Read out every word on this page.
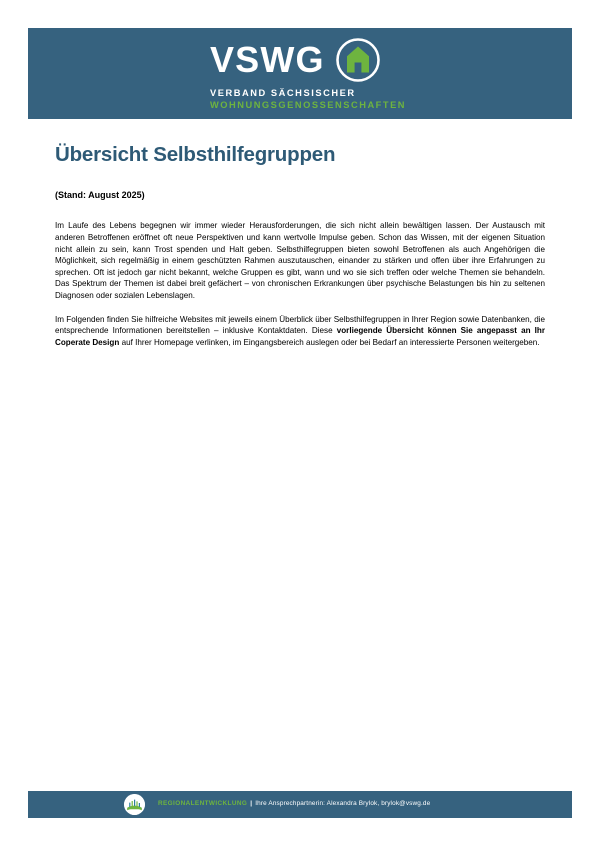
VSWG
VERBAND SÄCHSISCHER
WOHNUNGSGENOSSENSCHAFTEN
Übersicht Selbsthilfegruppen

(Stand: August 2025)

Im Laufe des Lebens begegnen wir immer wieder Herausforderungen, die sich nicht allein bewältigen lassen. Der Austausch mit anderen Betroffenen eröffnet oft neue Perspektiven und kann wertvolle Impulse geben. Schon das Wissen, mit der eigenen Situation nicht allein zu sein, kann Trost spenden und Halt geben. Selbsthilfegruppen bieten sowohl Betroffenen als auch Angehörigen die Möglichkeit, sich regelmäßig in einem geschützten Rahmen auszutauschen, einander zu stärken und offen über ihre Erfahrungen zu sprechen. Oft ist jedoch gar nicht bekannt, welche Gruppen es gibt, wann und wo sie sich treffen oder welche Themen sie behandeln. Das Spektrum der Themen ist dabei breit gefächert – von chronischen Erkrankungen über psychische Belastungen bis hin zu seltenen Diagnosen oder sozialen Lebenslagen.

Im Folgenden finden Sie hilfreiche Websites mit jeweils einem Überblick über Selbsthilfegruppen in Ihrer Region sowie Datenbanken, die entsprechende Informationen bereitstellen – inklusive Kontaktdaten. Diese vorliegende Übersicht können Sie angepasst an Ihr Coperate Design auf Ihrer Homepage verlinken, im Eingangsbereich auslegen oder bei Bedarf an interessierte Personen weitergeben.

REGIONALENTWICKLUNG | Ihre Ansprechpartnerin: Alexandra Brylok, brylok@vswg.de
